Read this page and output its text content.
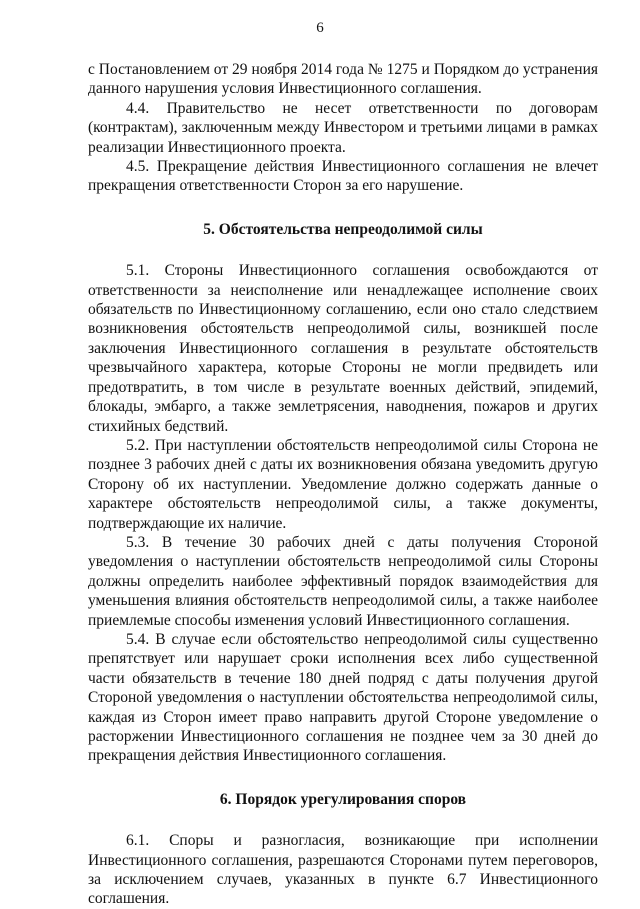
6

с Постановлением от 29 ноября 2014 года № 1275 и Порядком до устранения данного нарушения условия Инвестиционного соглашения.

4.4. Правительство не несет ответственности по договорам (контрактам), заключенным между Инвестором и третьими лицами в рамках реализации Инвестиционного проекта.

4.5. Прекращение действия Инвестиционного соглашения не влечет прекращения ответственности Сторон за его нарушение.

5. Обстоятельства непреодолимой силы

5.1. Стороны Инвестиционного соглашения освобождаются от ответственности за неисполнение или ненадлежащее исполнение своих обязательств по Инвестиционному соглашению, если оно стало следствием возникновения обстоятельств непреодолимой силы, возникшей после заключения Инвестиционного соглашения в результате обстоятельств чрезвычайного характера, которые Стороны не могли предвидеть или предотвратить, в том числе в результате военных действий, эпидемий, блокады, эмбарго, а также землетрясения, наводнения, пожаров и других стихийных бедствий.

5.2. При наступлении обстоятельств непреодолимой силы Сторона не позднее 3 рабочих дней с даты их возникновения обязана уведомить другую Сторону об их наступлении. Уведомление должно содержать данные о характере обстоятельств непреодолимой силы, а также документы, подтверждающие их наличие.

5.3. В течение 30 рабочих дней с даты получения Стороной уведомления о наступлении обстоятельств непреодолимой силы Стороны должны определить наиболее эффективный порядок взаимодействия для уменьшения влияния обстоятельств непреодолимой силы, а также наиболее приемлемые способы изменения условий Инвестиционного соглашения.

5.4. В случае если обстоятельство непреодолимой силы существенно препятствует или нарушает сроки исполнения всех либо существенной части обязательств в течение 180 дней подряд с даты получения другой Стороной уведомления о наступлении обстоятельства непреодолимой силы, каждая из Сторон имеет право направить другой Стороне уведомление о расторжении Инвестиционного соглашения не позднее чем за 30 дней до прекращения действия Инвестиционного соглашения.

6. Порядок урегулирования споров

6.1. Споры и разногласия, возникающие при исполнении Инвестиционного соглашения, разрешаются Сторонами путем переговоров, за исключением случаев, указанных в пункте 6.7 Инвестиционного соглашения.
